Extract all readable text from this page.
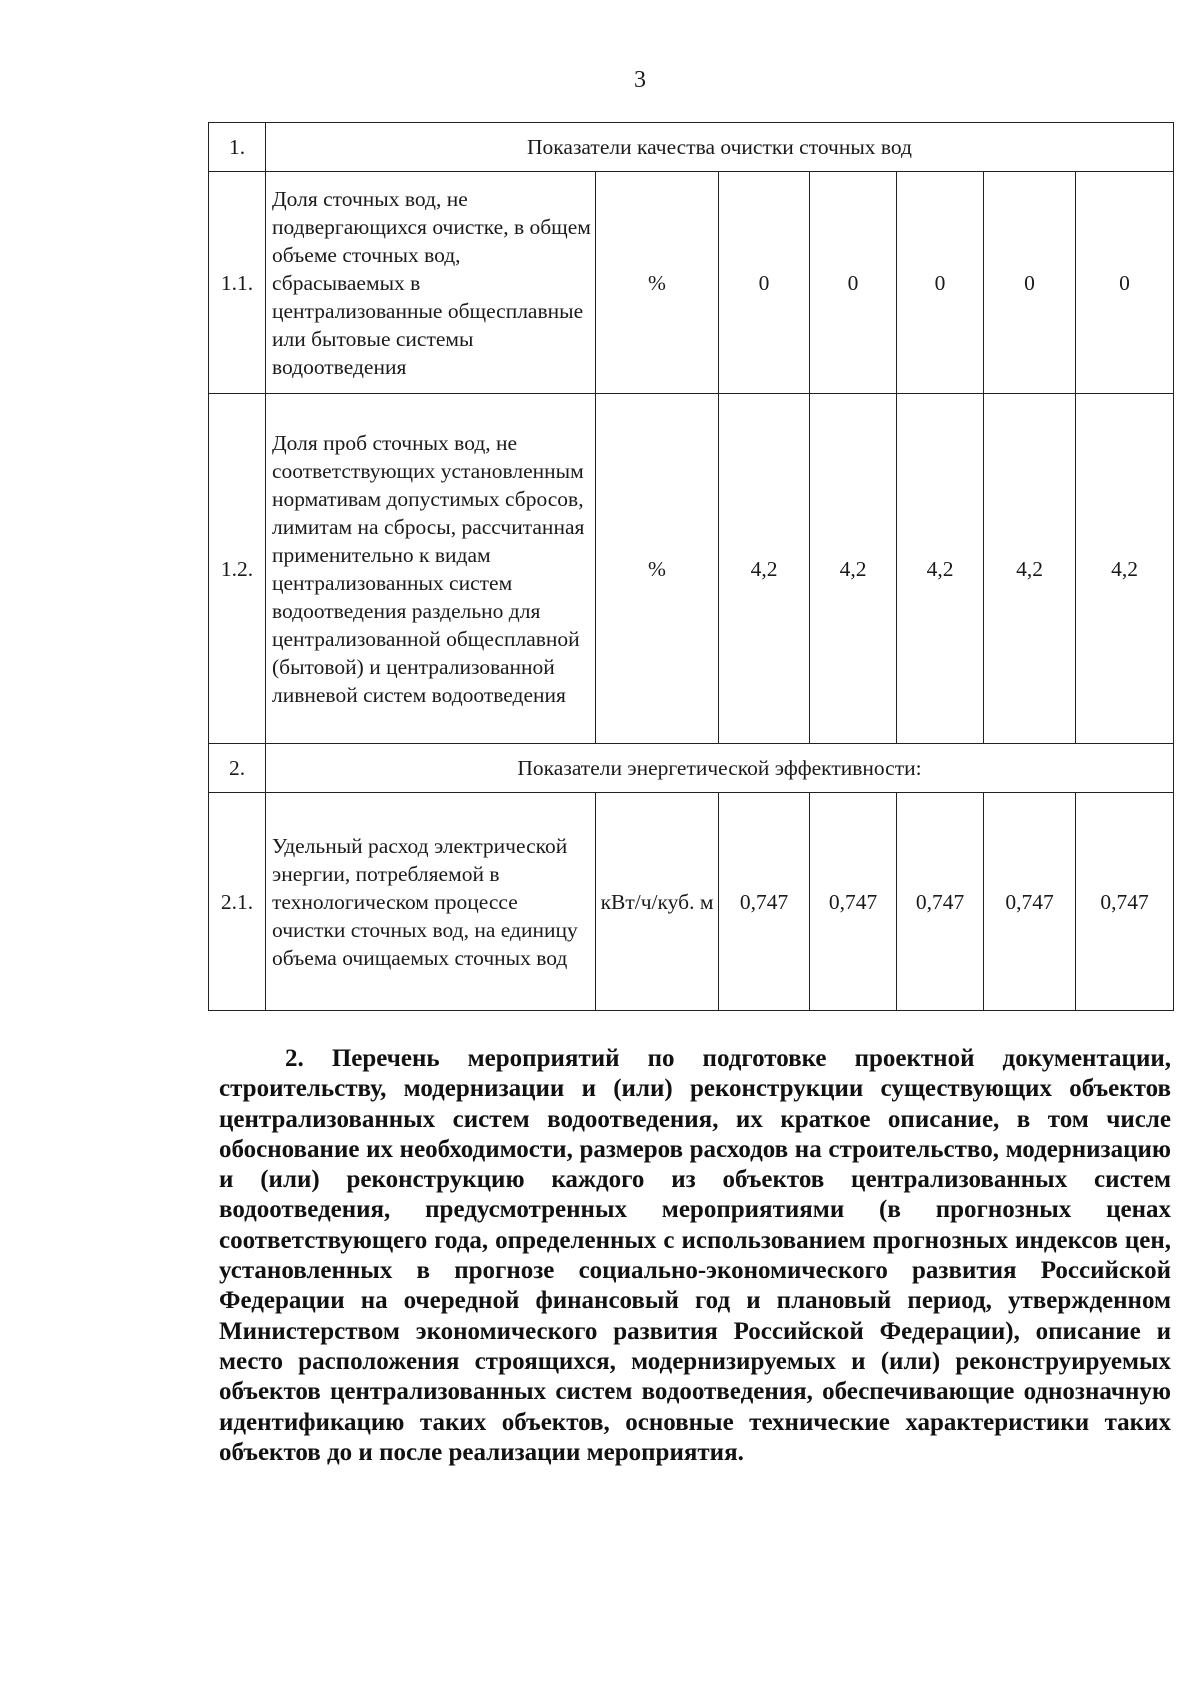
3
1.	Показатели качества очистки сточных вод						
1.1.	Доля сточных вод, не подвергающихся очистке, в общем объеме сточных вод, сбрасываемых в централизованные общесплавные или бытовые системы водоотведения	%	0	0	0	0	0
1.2.	Доля проб сточных вод, не соответствующих установленным нормативам допустимых сбросов, лимитам на сбросы, рассчитанная применительно к видам централизованных систем водоотведения раздельно для централизованной общесплавной (бытовой) и централизованной ливневой систем водоотведения	%	4,2	4,2	4,2	4,2	4,2
2.	Показатели энергетической эффективности:						
2.1.	Удельный расход электрической энергии, потребляемой в технологическом процессе очистки сточных вод, на единицу объема очищаемых сточных вод	кВт/ч/куб. м	0,747	0,747	0,747	0,747	0,747
2. Перечень мероприятий по подготовке проектной документации, строительству, модернизации и (или) реконструкции существующих объектов централизованных систем водоотведения, их краткое описание, в том числе обоснование их необходимости, размеров расходов на строительство, модернизацию и (или) реконструкцию каждого из объектов централизованных систем водоотведения, предусмотренных мероприятиями (в прогнозных ценах соответствующего года, определенных с использованием прогнозных индексов цен, установленных в прогнозе социально-экономического развития Российской Федерации на очередной финансовый год и плановый период, утвержденном Министерством экономического развития Российской Федерации), описание и место расположения строящихся, модернизируемых и (или) реконструируемых объектов централизованных систем водоотведения, обеспечивающие однозначную идентификацию таких объектов, основные технические характеристики таких объектов до и после реализации мероприятия.
